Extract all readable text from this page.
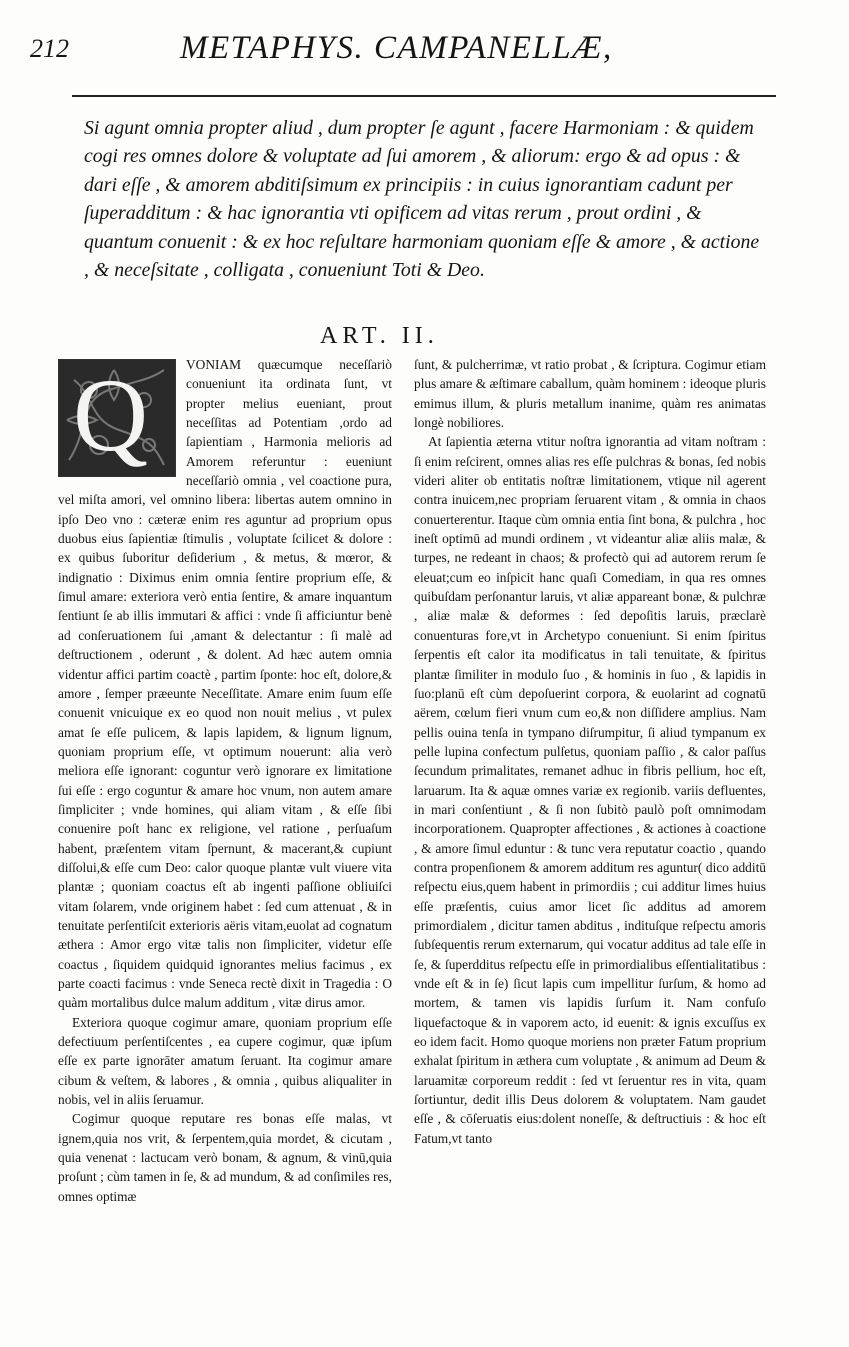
212	METAPHYS. CAMPANELLÆ,

Si agunt omnia propter aliud , dum propter ſe agunt , facere Harmoniam : & quidem cogi res omnes dolore & voluptate ad ſui amorem , & aliorum: ergo & ad opus : & dari eſſe , & amorem abditiſsimum ex principiis : in cuius ignorantiam cadunt per ſuperadditum : & hac ignorantia vti opificem ad vitas rerum , prout ordini , & quantum conuenit : & ex hoc reſultare harmoniam quoniam eſſe & amore , & actione , & neceſsitate , colligata , conueniunt Toti & Deo.

ART. II.
Q	VONIAM quæcumque neceſſariò conueniunt ita ordinata ſunt, vt propter melius eueniant, prout neceſſitas ad Potentiam ,ordo ad ſapientiam , Harmonia melioris ad Amorem referuntur : eueniunt neceſſariò omnia , vel coactione pura, vel miſta amori, vel omnino libera: libertas autem omnino in ipſo Deo vno : cæteræ enim res aguntur ad proprium opus duobus eius ſapientiæ ſtimulis , voluptate ſcilicet & dolore : ex quibus ſuboritur deſiderium , & metus, & mœror, & indignatio : Diximus enim omnia ſentire proprium eſſe, & ſimul amare: exteriora verò entia ſentire, & amare inquantum ſentiunt ſe ab illis immutari & affici : vnde ſi afficiuntur benè ad conſeruationem ſui ,amant & delectantur : ſi malè ad deſtructionem , oderunt , & dolent. Ad hæc autem omnia videntur affici partim coactè , partim ſponte: hoc eſt, dolore,& amore , ſemper præeunte Neceſſitate. Amare enim ſuum eſſe conuenit vnicuique ex eo quod non nouit melius , vt pulex amat ſe eſſe pulicem, & lapis lapidem, & lignum lignum, quoniam proprium eſſe, vt optimum nouerunt: alia verò meliora eſſe ignorant: coguntur verò ignorare ex limitatione ſui eſſe : ergo coguntur & amare hoc vnum, non autem amare ſimpliciter ; vnde homines, qui aliam vitam , & eſſe ſibi conuenire poſt hanc ex religione, vel ratione , perſuaſum habent, præſentem vitam ſpernunt, & macerant,& cupiunt diſſolui,& eſſe cum Deo: calor quoque plantæ vult viuere vita plantæ ; quoniam coactus eſt ab ingenti paſſione obliuiſci vitam ſolarem, vnde originem habet : ſed cum attenuat , & in tenuitate perſentiſcit exterioris aëris vitam,euolat ad cognatum æthera : Amor ergo vitæ talis non ſimpliciter, videtur eſſe coactus , ſiquidem quidquid ignorantes melius facimus , ex parte coacti facimus : vnde Seneca rectè dixit in Tragedia : O quàm mortalibus dulce malum additum , vitæ dirus amor.

Exteriora quoque cogimur amare, quoniam proprium eſſe defectiuum perſentiſcentes , ea cupere cogimur, quæ ipſum eſſe ex parte ignorāter amatum ſeruant. Ita cogimur amare cibum & veſtem, & labores , & omnia , quibus aliqualiter in nobis, vel in aliis ſeruamur.

Cogimur quoque reputare res bonas eſſe malas, vt ignem,quia nos vrit, & ſerpentem,quia mordet, & cicutam , quia venenat : lactucam verò bonam, & agnum, & vinū,quia proſunt ; cùm tamen in ſe, & ad mundum, & ad conſimiles res, omnes optimæ

ſunt, & pulcherrimæ, vt ratio probat , & ſcriptura. Cogimur etiam plus amare & æſtimare caballum, quàm hominem : ideoque pluris emimus illum, & pluris metallum inanime, quàm res animatas longè nobiliores.

At ſapientia æterna vtitur noſtra ignorantia ad vitam noſtram : ſi enim reſcirent, omnes alias res eſſe pulchras & bonas, ſed nobis videri aliter ob entitatis noſtræ limitationem, vtique nil agerent contra inuicem,nec propriam ſeruarent vitam , & omnia in chaos conuerterentur. Itaque cùm omnia entia ſint bona, & pulchra , hoc ineſt optimū ad mundi ordinem , vt videantur aliæ aliis malæ, & turpes, ne redeant in chaos; & profectò qui ad autorem rerum ſe eleuat;cum eo inſpicit hanc quaſi Comediam, in qua res omnes quibuſdam perſonantur laruis, vt aliæ appareant bonæ, & pulchræ , aliæ malæ & deformes : ſed depoſitis laruis, præclarè conuenturas fore,vt in Archetypo conueniunt. Si enim ſpiritus ſerpentis eſt calor ita modificatus in tali tenuitate, & ſpiritus plantæ ſimiliter in modulo ſuo , & hominis in ſuo , & lapidis in ſuo:planū eſt cùm depoſuerint corpora, & euolarint ad cognatū aërem, cœlum fieri vnum cum eo,& non diſſidere amplius. Nam pellis ouina tenſa in tympano diſrumpitur, ſi aliud tympanum ex pelle lupina confectum pulſetus, quoniam paſſio , & calor paſſus ſecundum primalitates, remanet adhuc in fibris pellium, hoc eſt, laruarum. Ita & aquæ omnes variæ ex regionib. variis defluentes, in mari conſentiunt , & ſi non ſubitò paulò poſt omnimodam incorporationem. Quapropter affectiones , & actiones à coactione , & amore ſimul eduntur : & tunc vera reputatur coactio , quando contra propenſionem & amorem additum res aguntur( dico additū reſpectu eius,quem habent in primordiis ; cui additur limes huius eſſe præſentis, cuius amor licet ſic additus ad amorem primordialem , dicitur tamen abditus , indituſque reſpectu amoris ſubſequentis rerum externarum, qui vocatur additus ad tale eſſe in ſe, & ſuperdditus reſpectu eſſe in primordialibus eſſentialitatibus : vnde eſt & in ſe) ſicut lapis cum impellitur ſurſum, & homo ad mortem, & tamen vis lapidis ſurſum it. Nam confuſo liquefactoque & in vaporem acto, id euenit: & ignis excuſſus ex eo idem facit. Homo quoque moriens non præter Fatum proprium exhalat ſpiritum in æthera cum voluptate , & animum ad Deum & laruamitæ corporeum reddit : ſed vt ſeruentur res in vita, quam ſortiuntur, dedit illis Deus dolorem & voluptatem. Nam gaudet eſſe , & cōſeruatis eius:dolent noneſſe, & deſtructiuis : & hoc eſt Fatum,vt tanto
